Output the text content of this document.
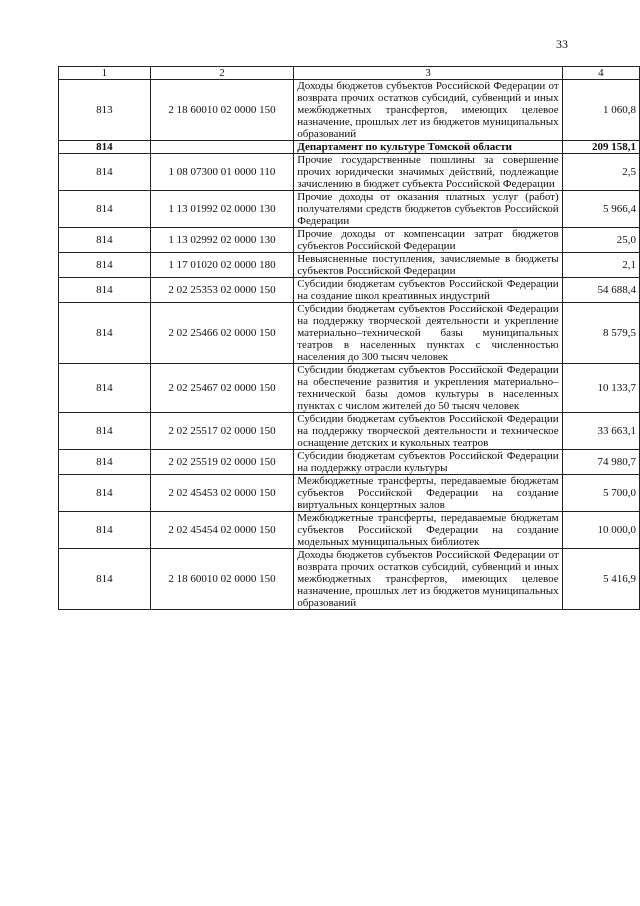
33
1	2	3	4
813	2 18 60010 02 0000 150	Доходы бюджетов субъектов Российской Федерации от возврата прочих остатков субсидий, субвенций и иных межбюджетных трансфертов, имеющих целевое назначение, прошлых лет из бюджетов муниципальных образований	1 060,8
814		Департамент по культуре Томской области	209 158,1
814	1 08 07300 01 0000 110	Прочие государственные пошлины за совершение прочих юридически значимых действий, подлежащие зачислению в бюджет субъекта Российской Федерации	2,5
814	1 13 01992 02 0000 130	Прочие доходы от оказания платных услуг (работ) получателями средств бюджетов субъектов Российской Федерации	5 966,4
814	1 13 02992 02 0000 130	Прочие доходы от компенсации затрат бюджетов субъектов Российской Федерации	25,0
814	1 17 01020 02 0000 180	Невыясненные поступления, зачисляемые в бюджеты субъектов Российской Федерации	2,1
814	2 02 25353 02 0000 150	Субсидии бюджетам субъектов Российской Федерации на создание школ креативных индустрий	54 688,4
814	2 02 25466 02 0000 150	Субсидии бюджетам субъектов Российской Федерации на поддержку творческой деятельности и укрепление материально–технической базы муниципальных театров в населенных пунктах с численностью населения до 300 тысяч человек	8 579,5
814	2 02 25467 02 0000 150	Субсидии бюджетам субъектов Российской Федерации на обеспечение развития и укрепления материально–технической базы домов культуры в населенных пунктах с числом жителей до 50 тысяч человек	10 133,7
814	2 02 25517 02 0000 150	Субсидии бюджетам субъектов Российской Федерации на поддержку творческой деятельности и техническое оснащение детских и кукольных театров	33 663,1
814	2 02 25519 02 0000 150	Субсидии бюджетам субъектов Российской Федерации на поддержку отрасли культуры	74 980,7
814	2 02 45453 02 0000 150	Межбюджетные трансферты, передаваемые бюджетам субъектов Российской Федерации на создание виртуальных концертных залов	5 700,0
814	2 02 45454 02 0000 150	Межбюджетные трансферты, передаваемые бюджетам субъектов Российской Федерации на создание модельных муниципальных библиотек	10 000,0
814	2 18 60010 02 0000 150	Доходы бюджетов субъектов Российской Федерации от возврата прочих остатков субсидий, субвенций и иных межбюджетных трансфертов, имеющих целевое назначение, прошлых лет из бюджетов муниципальных образований	5 416,9
